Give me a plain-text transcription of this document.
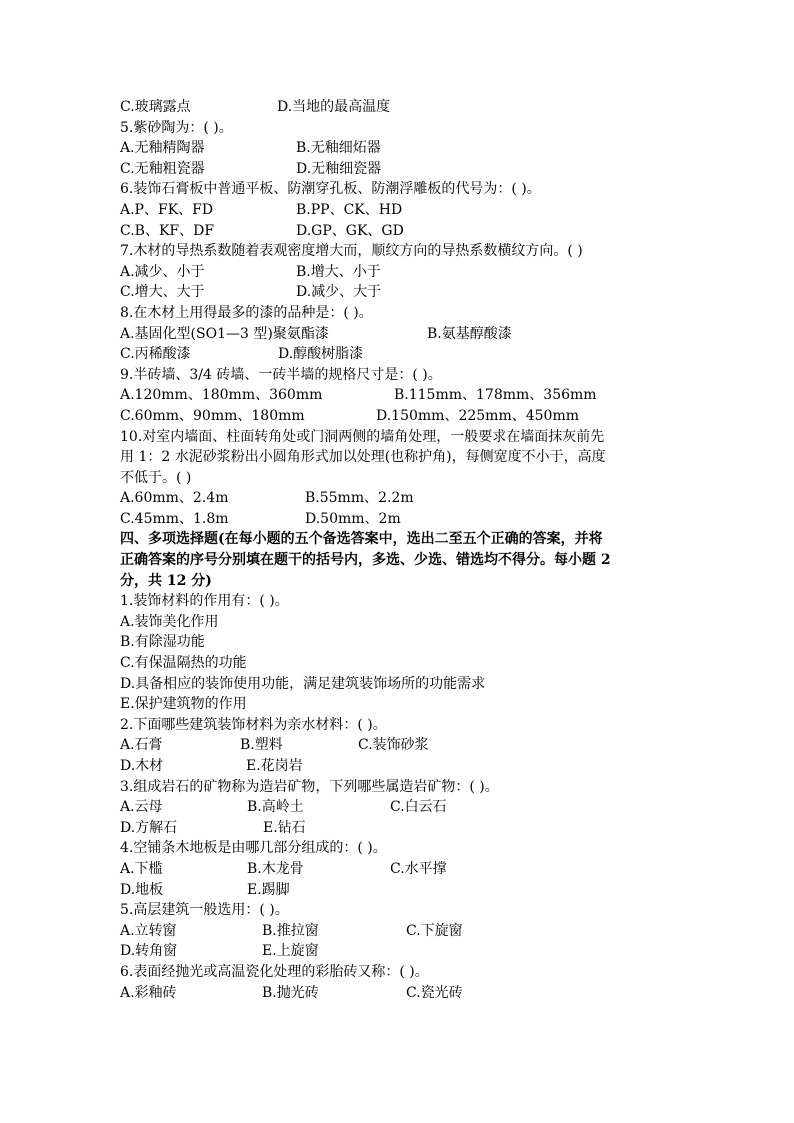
C.玻璃露点	D.当地的最高温度
5.紫砂陶为：( )。
A.无釉精陶器	B.无釉细炻器
C.无釉粗瓷器	D.无釉细瓷器
6.装饰石膏板中普通平板、防潮穿孔板、防潮浮雕板的代号为：( )。
A.P、FK、FD	B.PP、CK、HD
C.B、KF、DF	D.GP、GK、GD
7.木材的导热系数随着表观密度增大而，顺纹方向的导热系数横纹方向。( )
A.减少、小于	B.增大、小于
C.增大、大于	D.减少、大于
8.在木材上用得最多的漆的品种是：( )。
A.基固化型(SO1—3 型)聚氨酯漆	B.氨基醇酸漆
C.丙稀酸漆	D.醇酸树脂漆
9.半砖墙、3/4 砖墙、一砖半墙的规格尺寸是：( )。
A.120mm、180mm、360mm	B.115mm、178mm、356mm
C.60mm、90mm、180mm	D.150mm、225mm、450mm
10.对室内墙面、柱面转角处或门洞两侧的墙角处理，一般要求在墙面抹灰前先
用 1：2 水泥砂浆粉出小圆角形式加以处理(也称护角)，每侧宽度不小于，高度
不低于。( )
A.60mm、2.4m	B.55mm、2.2m
C.45mm、1.8m	D.50mm、2m
四、多项选择题(在每小题的五个备选答案中，选出二至五个正确的答案，并将
正确答案的序号分别填在题干的括号内，多选、少选、错选均不得分。每小题 2
分，共 12 分)
1.装饰材料的作用有：( )。
A.装饰美化作用
B.有除湿功能
C.有保温隔热的功能
D.具备相应的装饰使用功能，满足建筑装饰场所的功能需求
E.保护建筑物的作用
2.下面哪些建筑装饰材料为亲水材料：( )。
A.石膏	B.塑料	C.装饰砂浆
D.木材	E.花岗岩
3.组成岩石的矿物称为造岩矿物，下列哪些属造岩矿物：( )。
A.云母	B.高岭土	C.白云石
D.方解石	E.钻石
4.空铺条木地板是由哪几部分组成的：( )。
A.下槛	B.木龙骨	C.水平撑
D.地板	E.踢脚
5.高层建筑一般选用：( )。
A.立转窗	B.推拉窗	C.下旋窗
D.转角窗	E.上旋窗
6.表面经抛光或高温瓷化处理的彩胎砖又称：( )。
A.彩釉砖	B.抛光砖	C.瓷光砖
